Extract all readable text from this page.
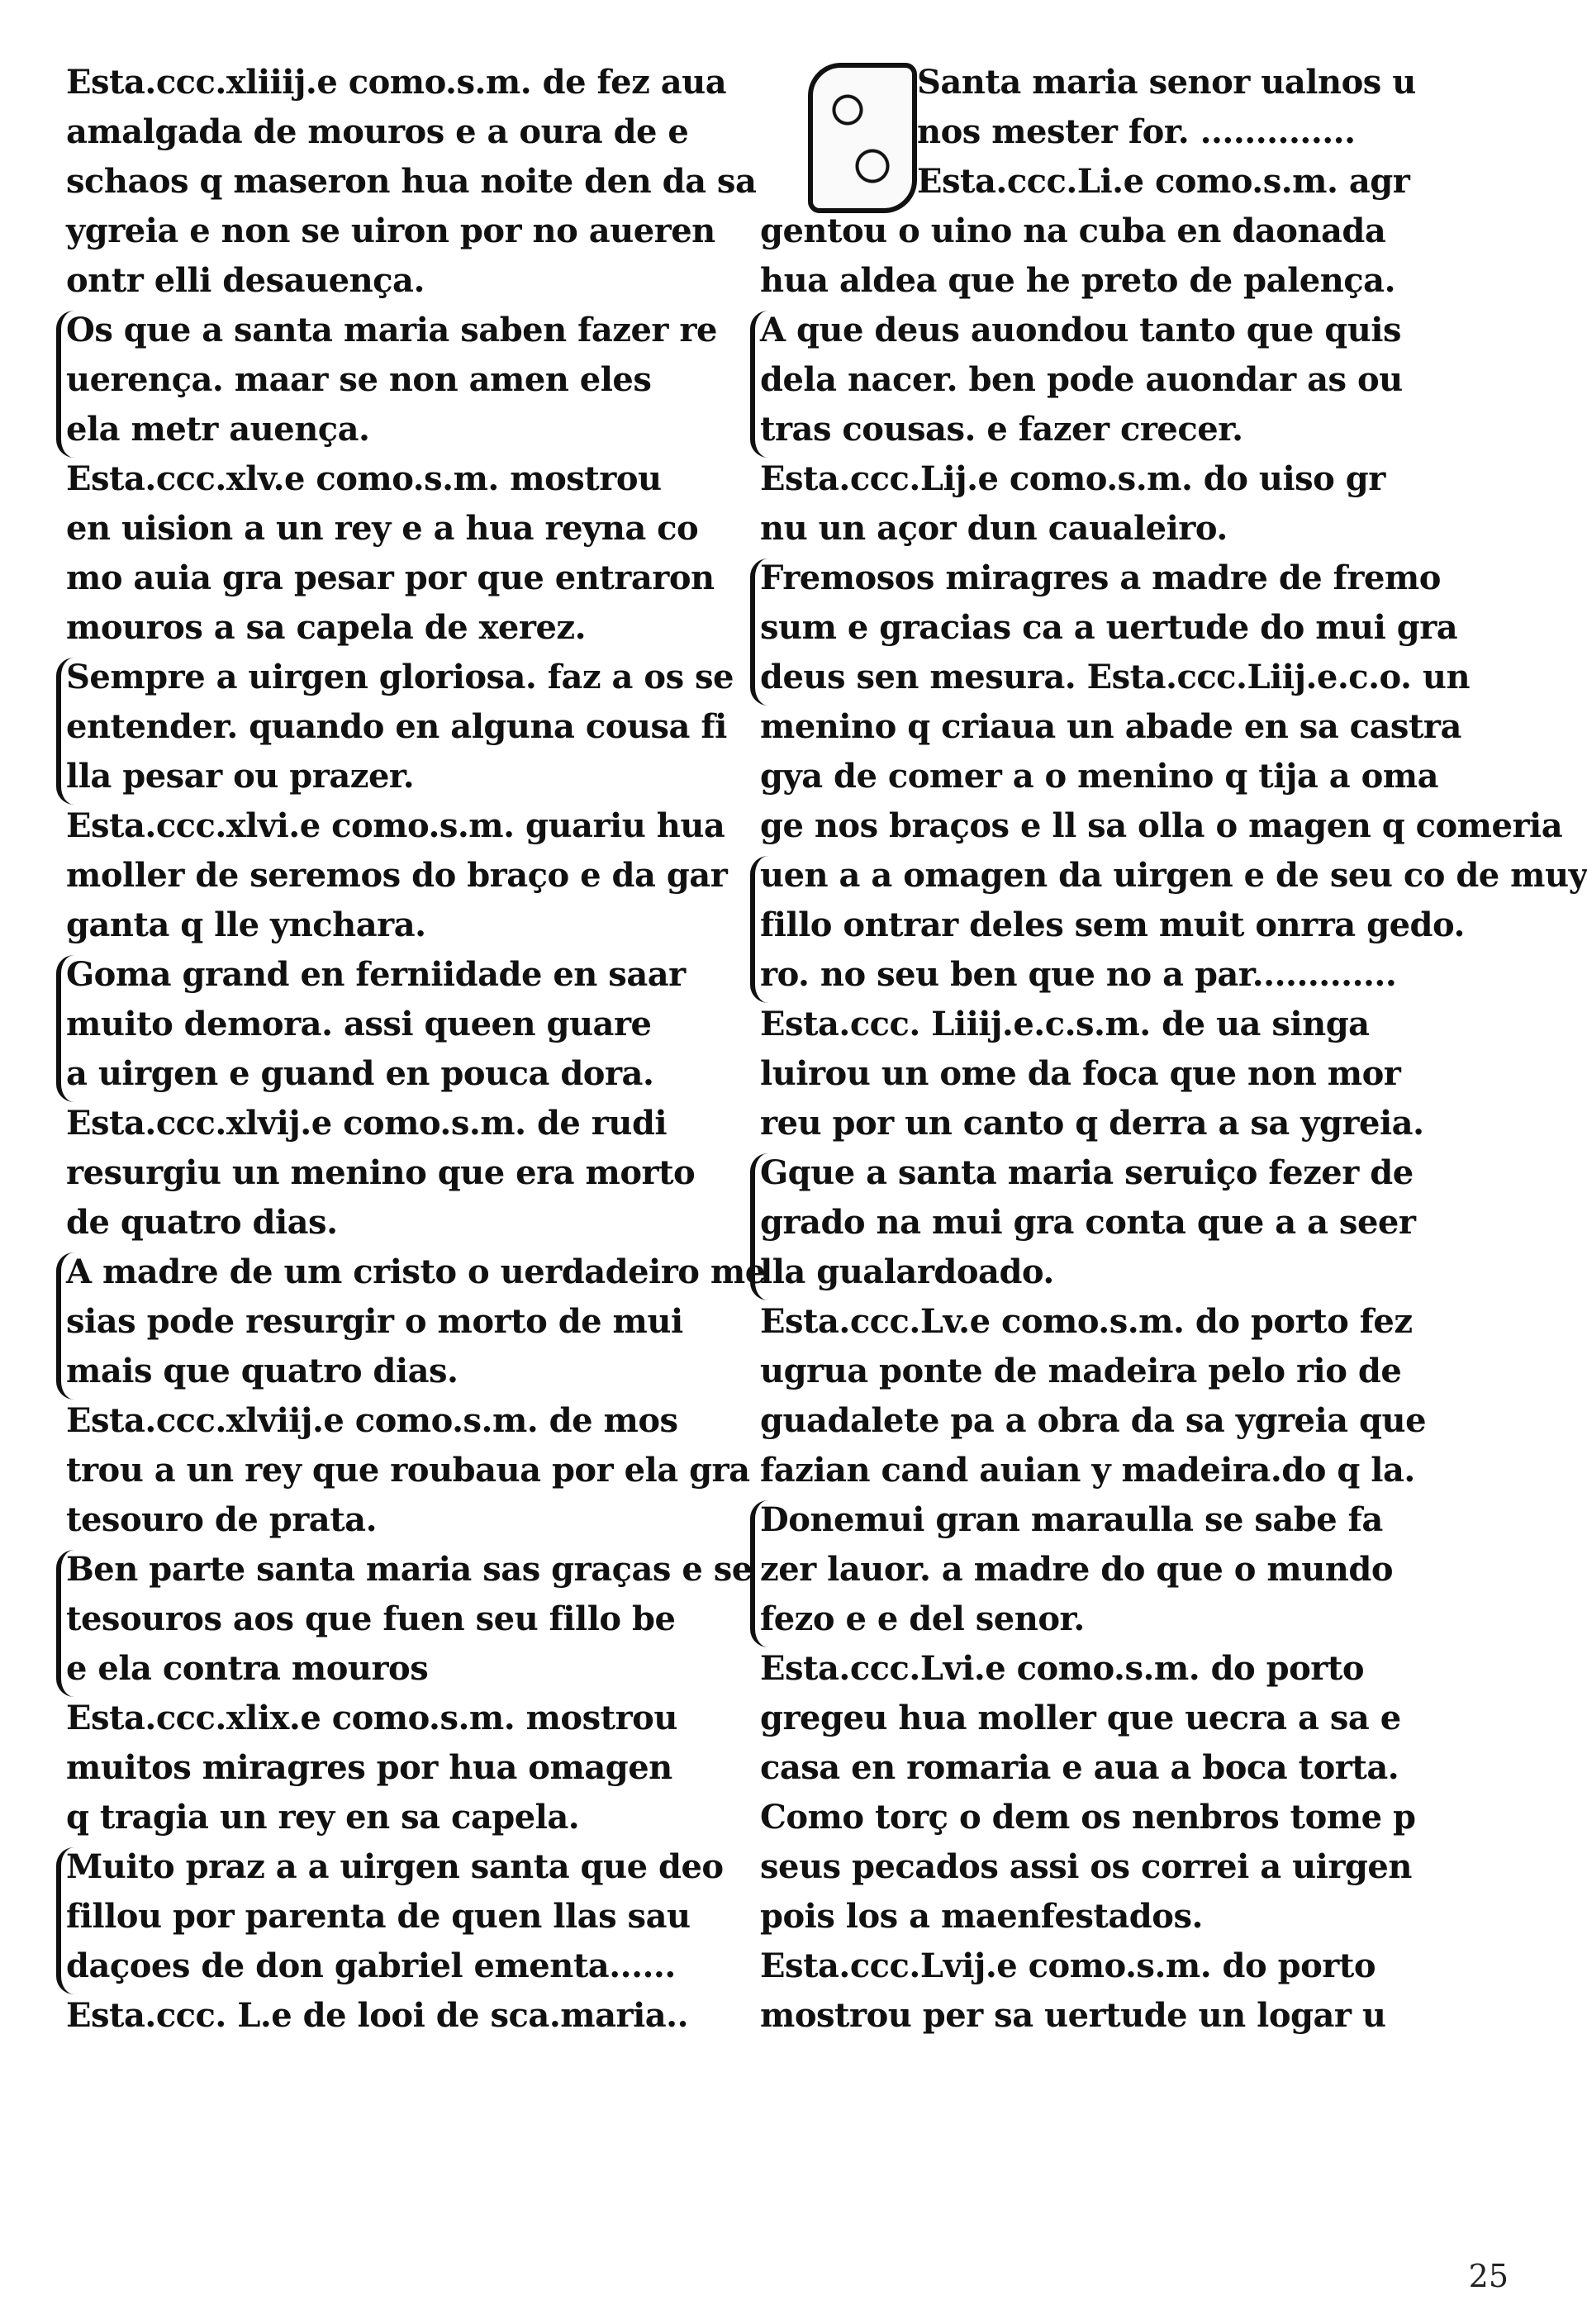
Esta.ccc.xliiij.e como.s.m. de fez aua
amalgada de mouros e a oura de e
schaos q maseron hua noite den da sa
ygreia e non se uiron por no aueren
ontr elli desauença.
Os que a santa maria saben fazer re
uerença. maar se non amen eles
ela metr auença.
Esta.ccc.xlv.e como.s.m. mostrou
en uision a un rey e a hua reyna co
mo auia gra pesar por que entraron
mouros a sa capela de xerez.
Sempre a uirgen gloriosa. faz a os se
entender. quando en alguna cousa fi
lla pesar ou prazer.
Esta.ccc.xlvi.e como.s.m. guariu hua
moller de seremos do braço e da gar
ganta q lle ynchara.
Goma grand en ferniidade en saar
muito demora. assi queen guare
a uirgen e guand en pouca dora.
Esta.ccc.xlvij.e como.s.m. de rudi
resurgiu un menino que era morto
de quatro dias.
A madre de um cristo o uerdadeiro me
sias pode resurgir o morto de mui
mais que quatro dias.
Esta.ccc.xlviij.e como.s.m. de mos
trou a un rey que roubaua por ela gra
tesouro de prata.
Ben parte santa maria sas graças e se
tesouros aos que fuen seu fillo be
e ela contra mouros
Esta.ccc.xlix.e como.s.m. mostrou
muitos miragres por hua omagen
q tragia un rey en sa capela.
Muito praz a a uirgen santa que deo
fillou por parenta de quen llas sau
daçoes de don gabriel ementa......
Esta.ccc. L.e de looi de sca.maria..
Santa maria senor ualnos u
nos mester for. ..............
Esta.ccc.Li.e como.s.m. agr
gentou o uino na cuba en daonada
hua aldea que he preto de palença.
A que deus auondou tanto que quis
dela nacer. ben pode auondar as ou
tras cousas. e fazer crecer.
Esta.ccc.Lij.e como.s.m. do uiso gr
nu un açor dun caualeiro.
Fremosos miragres a madre de fremo
sum e gracias ca a uertude do mui gra
deus sen mesura. Esta.ccc.Liij.e.c.o. un
menino q criaua un abade en sa castra
gya de comer a o menino q tija a oma
ge nos braços e ll sa olla o magen q comeria
uen a a omagen da uirgen e de seu co de muy
fillo ontrar deles sem muit onrra gedo.
ro. no seu ben que no a par.............
Esta.ccc. Liiij.e.c.s.m. de ua singa
luirou un ome da foca que non mor
reu por un canto q derra a sa ygreia.
Gque a santa maria seruiço fezer de
grado na mui gra conta que a a seer
lla gualardoado.
Esta.ccc.Lv.e como.s.m. do porto fez
ugrua ponte de madeira pelo rio de
guadalete pa a obra da sa ygreia que
fazian cand auian y madeira.do q la.
Donemui gran maraulla se sabe fa
zer lauor. a madre do que o mundo
fezo e e del senor.
Esta.ccc.Lvi.e como.s.m. do porto
gregeu hua moller que uecra a sa e
casa en romaria e aua a boca torta.
Como torç o dem os nenbros tome p
seus pecados assi os correi a uirgen
pois los a maenfestados.
Esta.ccc.Lvij.e como.s.m. do porto
mostrou per sa uertude un logar u
25
